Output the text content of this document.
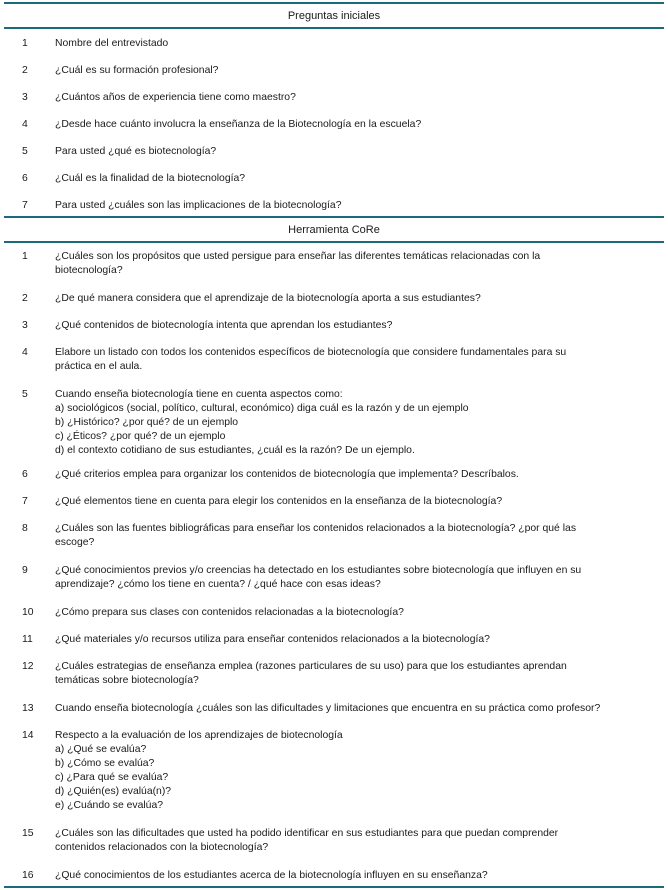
Preguntas iniciales
1	Nombre del entrevistado
2	¿Cuál es su formación profesional?
3	¿Cuántos años de experiencia tiene como maestro?
4	¿Desde hace cuánto involucra la enseñanza de la Biotecnología en la escuela?
5	Para usted ¿qué es biotecnología?
6	¿Cuál es la finalidad de la biotecnología?
7	Para usted ¿cuáles son las implicaciones de la biotecnología?
Herramienta CoRe
1	¿Cuáles son los propósitos que usted persigue para enseñar las diferentes temáticas relacionadas con la
biotecnología?
2	¿De qué manera considera que el aprendizaje de la biotecnología aporta a sus estudiantes?
3	¿Qué contenidos de biotecnología intenta que aprendan los estudiantes?
4	Elabore un listado con todos los contenidos específicos de biotecnología que considere fundamentales para su
práctica en el aula.
5	Cuando enseña biotecnología tiene en cuenta aspectos como:
a) sociológicos (social, político, cultural, económico) diga cuál es la razón y de un ejemplo
b) ¿Histórico? ¿por qué? de un ejemplo
c) ¿Éticos? ¿por qué? de un ejemplo
d) el contexto cotidiano de sus estudiantes, ¿cuál es la razón? De un ejemplo.
6	¿Qué criterios emplea para organizar los contenidos de biotecnología que implementa? Descríbalos.
7	¿Qué elementos tiene en cuenta para elegir los contenidos en la enseñanza de la biotecnología?
8	¿Cuáles son las fuentes bibliográficas para enseñar los contenidos relacionados a la biotecnología? ¿por qué las
escoge?
9	¿Qué conocimientos previos y/o creencias ha detectado en los estudiantes sobre biotecnología que influyen en su
aprendizaje? ¿cómo los tiene en cuenta? / ¿qué hace con esas ideas?
10	¿Cómo prepara sus clases con contenidos relacionadas a la biotecnología?
11	¿Qué materiales y/o recursos utiliza para enseñar contenidos relacionados a la biotecnología?
12	¿Cuáles estrategias de enseñanza emplea (razones particulares de su uso) para que los estudiantes aprendan
temáticas sobre biotecnología?
13	Cuando enseña biotecnología ¿cuáles son las dificultades y limitaciones que encuentra en su práctica como profesor?
14	Respecto a la evaluación de los aprendizajes de biotecnología
a) ¿Qué se evalúa?
b) ¿Cómo se evalúa?
c) ¿Para qué se evalúa?
d) ¿Quién(es) evalúa(n)?
e) ¿Cuándo se evalúa?
15	¿Cuáles son las dificultades que usted ha podido identificar en sus estudiantes para que puedan comprender
contenidos relacionados con la biotecnología?
16	¿Qué conocimientos de los estudiantes acerca de la biotecnología influyen en su enseñanza?
